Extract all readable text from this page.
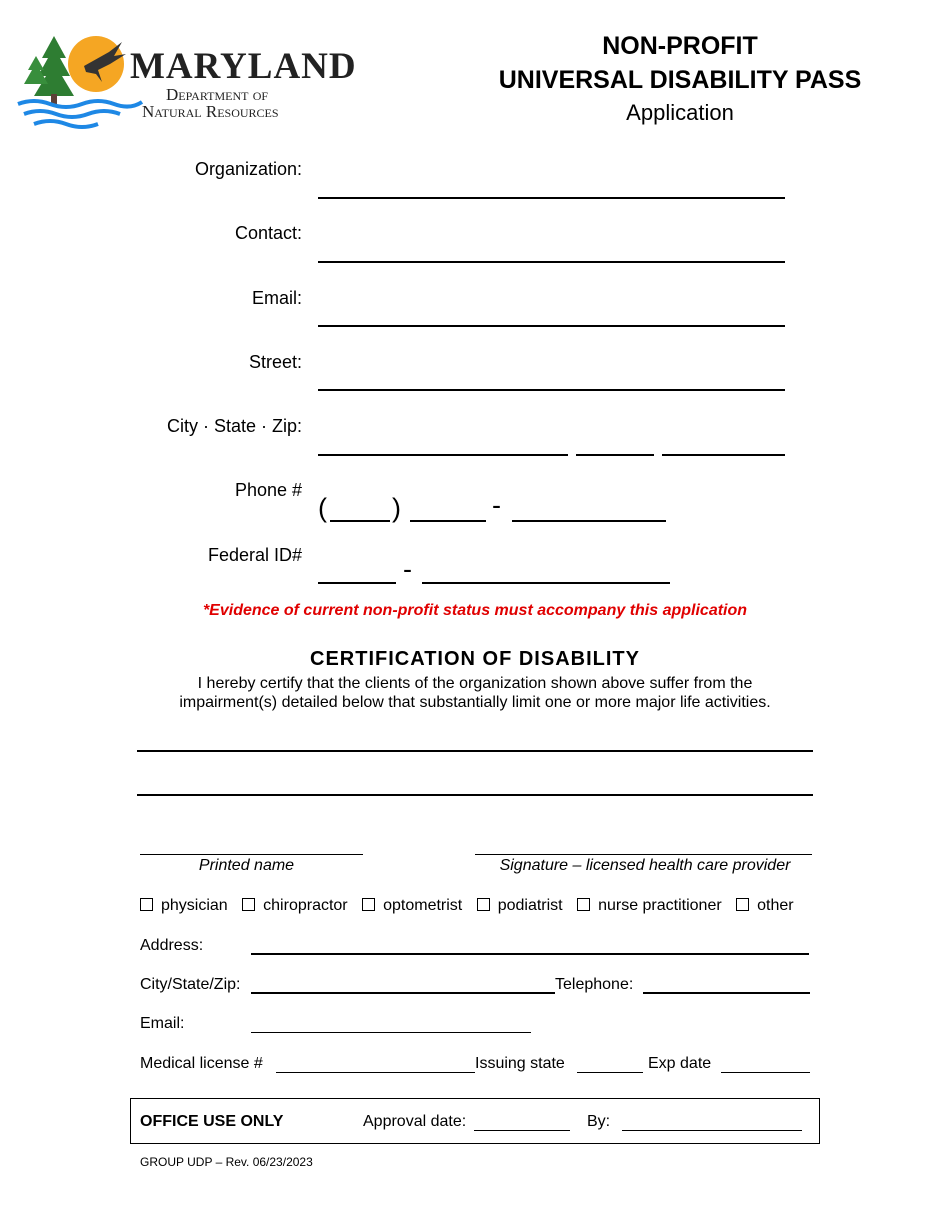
MARYLAND
Department of
Natural Resources
NON-PROFIT
UNIVERSAL DISABILITY PASS
Application
Organization:
Contact:
Email:
Street:
City · State · Zip:
Phone #
( )	-
Federal ID#	-
*Evidence of current non-profit status must accompany this application
CERTIFICATION OF DISABILITY
I hereby certify that the clients of the organization shown above suffer from the
impairment(s) detailed below that substantially limit one or more major life activities.
Printed name	Signature – licensed health care provider
physician chiropractor optometrist podiatrist nurse practitioner other
Address:
City/State/Zip:	Telephone:
Email:
Medical license #	Issuing state	Exp date
OFFICE USE ONLY	Approval date:	By:
GROUP UDP – Rev. 06/23/2023
